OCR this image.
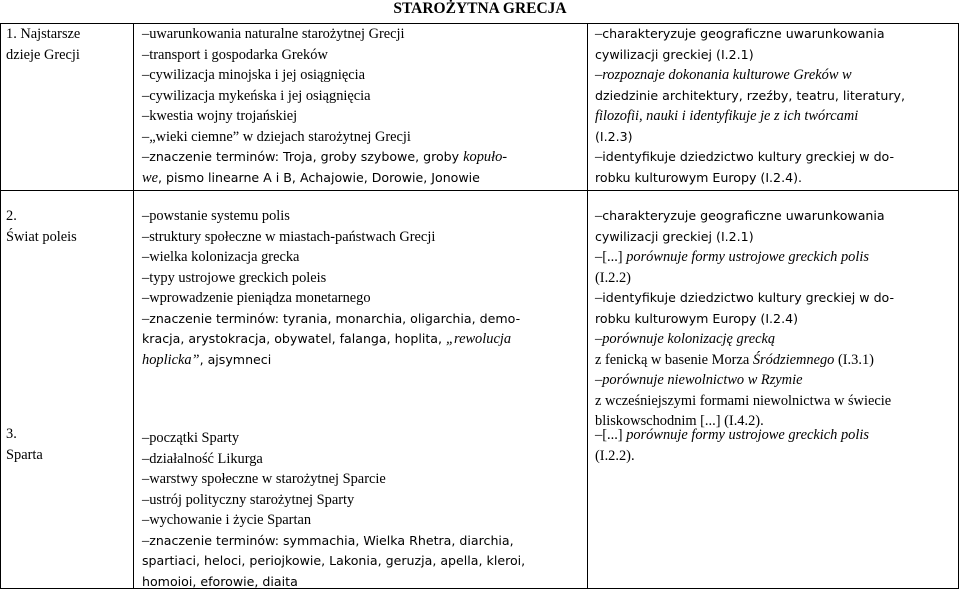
STAROŻYTNA GRECJA
1. Najstarsze
dzieje Grecji
–uwarunkowania naturalne starożytnej Grecji
–transport i gospodarka Greków
–cywilizacja minojska i jej osiągnięcia
–cywilizacja mykeńska i jej osiągnięcia
–kwestia wojny trojańskiej
–„wieki ciemne” w dziejach starożytnej Grecji
–znaczenie terminów: Troja, groby szybowe, groby kopuło-
we, pismo linearne A i B, Achajowie, Dorowie, Jonowie
–charakteryzuje geograficzne uwarunkowania
cywilizacji greckiej (I.2.1)
–rozpoznaje dokonania kulturowe Greków w
dziedzinie architektury, rzeźby, teatru, literatury,
filozofii, nauki i identyfikuje je z ich twórcami
(I.2.3)
–identyfikuje dziedzictwo kultury greckiej w do-
robku kulturowym Europy (I.2.4).
2.
Świat poleis
–powstanie systemu polis
–struktury społeczne w miastach-państwach Grecji
–wielka kolonizacja grecka
–typy ustrojowe greckich poleis
–wprowadzenie pieniądza monetarnego
–znaczenie terminów: tyrania, monarchia, oligarchia, demo-
kracja, arystokracja, obywatel, falanga, hoplita, „rewolucja
hoplicka”, ajsymneci
–charakteryzuje geograficzne uwarunkowania
cywilizacji greckiej (I.2.1)
–[...] porównuje formy ustrojowe greckich polis
(I.2.2)
–identyfikuje dziedzictwo kultury greckiej w do-
robku kulturowym Europy (I.2.4)
–porównuje kolonizację grecką
z fenicką w basenie Morza Śródziemnego (I.3.1)
–porównuje niewolnictwo w Rzymie
z wcześniejszymi formami niewolnictwa w świecie
bliskowschodnim [...] (I.4.2).
3.
Sparta
–początki Sparty
–działalność Likurga
–warstwy społeczne w starożytnej Sparcie
–ustrój polityczny starożytnej Sparty
–wychowanie i życie Spartan
–znaczenie terminów: symmachia, Wielka Rhetra, diarchia,
spartiaci, heloci, periojkowie, Lakonia, geruzja, apella, kleroi,
homoioi, eforowie, diaita
–[...] porównuje formy ustrojowe greckich polis
(I.2.2).
